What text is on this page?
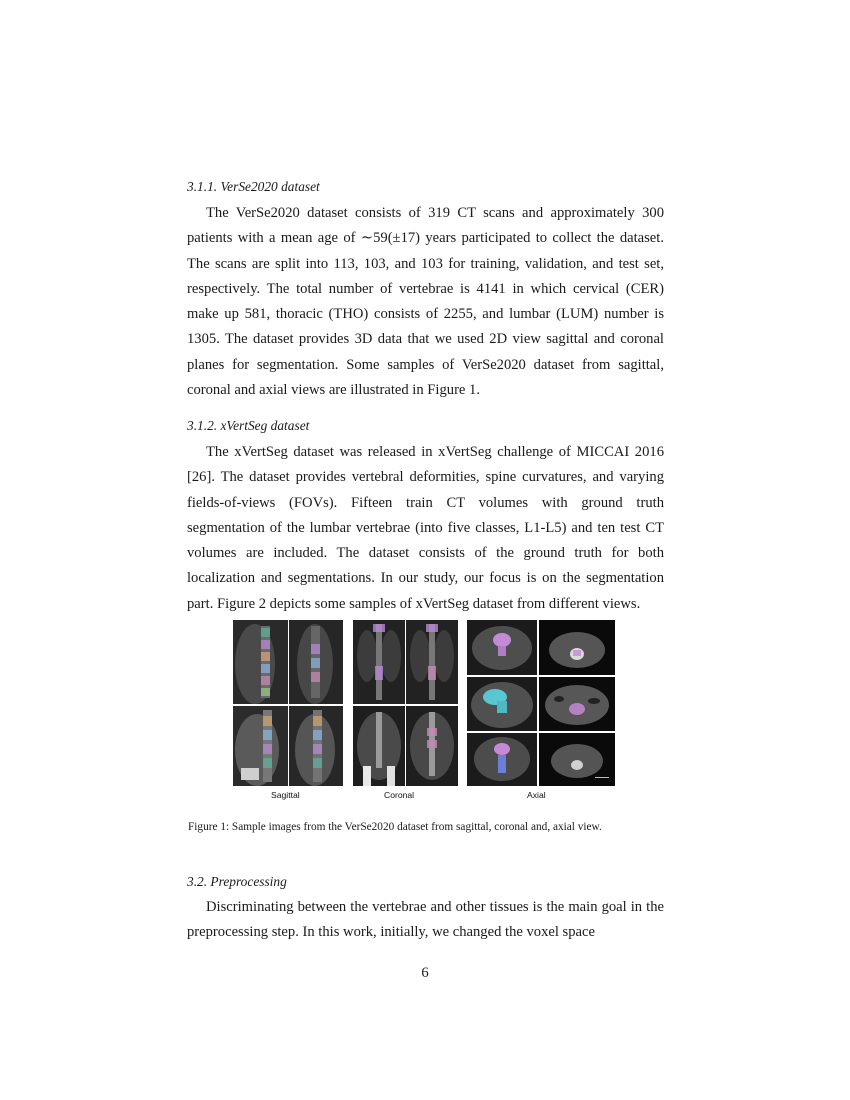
3.1.1. VerSe2020 dataset

The VerSe2020 dataset consists of 319 CT scans and approximately 300 patients with a mean age of ∼59(±17) years participated to collect the dataset. The scans are split into 113, 103, and 103 for training, validation, and test set, respectively. The total number of vertebrae is 4141 in which cervical (CER) make up 581, thoracic (THO) consists of 2255, and lumbar (LUM) number is 1305. The dataset provides 3D data that we used 2D view sagittal and coronal planes for segmentation. Some samples of VerSe2020 dataset from sagittal, coronal and axial views are illustrated in Figure 1.

3.1.2. xVertSeg dataset

The xVertSeg dataset was released in xVertSeg challenge of MICCAI 2016 [26]. The dataset provides vertebral deformities, spine curvatures, and varying fields-of-views (FOVs). Fifteen train CT volumes with ground truth segmentation of the lumbar vertebrae (into five classes, L1-L5) and ten test CT volumes are included. The dataset consists of the ground truth for both localization and segmentations. In our study, our focus is on the segmentation part. Figure 2 depicts some samples of xVertSeg dataset from different views.

Sagittal	Coronal	Axial
Figure 1: Sample images from the VerSe2020 dataset from sagittal, coronal and, axial view.
3.2. Preprocessing

Discriminating between the vertebrae and other tissues is the main goal in the preprocessing step. In this work, initially, we changed the voxel space

6
